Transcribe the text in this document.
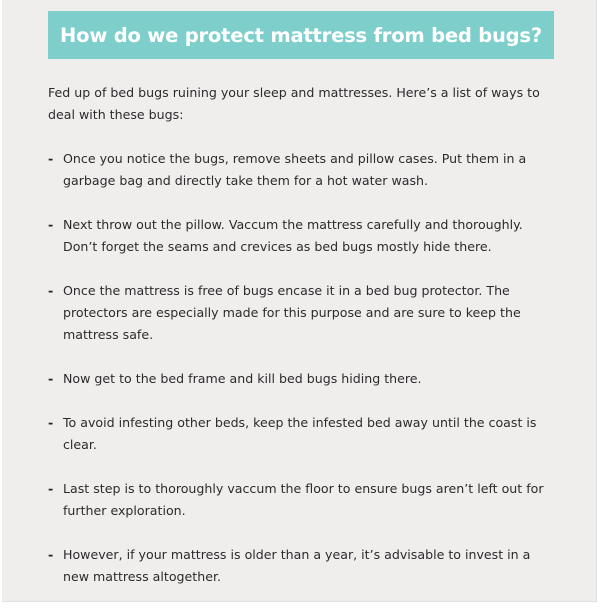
How do we protect mattress from bed bugs?

Fed up of bed bugs ruining your sleep and mattresses. Here’s a list of ways to deal with these bugs:

- Once you notice the bugs, remove sheets and pillow cases. Put them in a garbage bag and directly take them for a hot water wash.
- Next throw out the pillow. Vaccum the mattress carefully and thoroughly. Don’t forget the seams and crevices as bed bugs mostly hide there.
- Once the mattress is free of bugs encase it in a bed bug protector. The protectors are especially made for this purpose and are sure to keep the mattress safe.
- Now get to the bed frame and kill bed bugs hiding there.
- To avoid infesting other beds, keep the infested bed away until the coast is clear.
- Last step is to thoroughly vaccum the floor to ensure bugs aren’t left out for further exploration.
- However, if your mattress is older than a year, it’s advisable to invest in a new mattress altogether.
